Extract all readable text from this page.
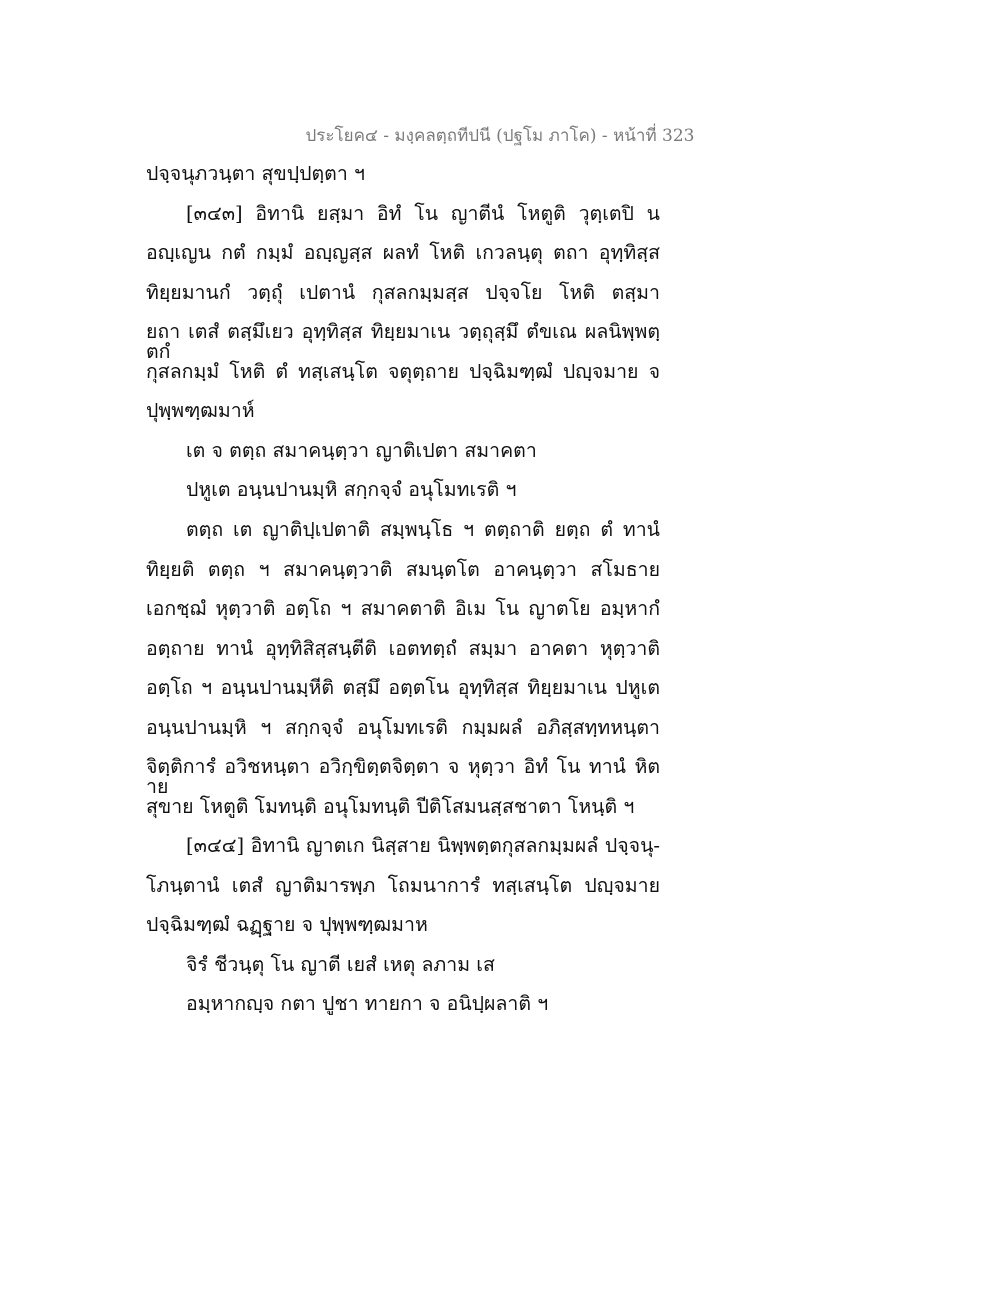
ประโยค๔ - มงฺคลตฺถทีปนี (ปฐโม ภาโค) - หน้าที่ 323
ปจฺจนุภวนฺตา สุขปฺปตฺตา ฯ
[๓๔๓] อิทานิ ยสฺมา อิทํ โน ญาตีนํ โหตูติ วุตฺเตปิ น
อญฺเญน กตํ กมฺมํ อญฺญสฺส ผลทํ โหติ เกวลนฺตุ ตถา อุทฺทิสฺส
ทิยฺยมานกํ วตฺถุํ เปตานํ กุสลกมฺมสฺส ปจฺจโย โหติ ตสฺมา
ยถา เตสํ ตสฺมึเยว อุทฺทิสฺส ทิยฺยมาเน วตฺถุสฺมึ ตํขเณ ผลนิพฺพตฺตกํ
กุสลกมฺมํ โหติ ตํ ทสฺเสนฺโต จตุตฺถาย ปจฺฉิมฑฺฒํ ปญฺจมาย จ
ปุพฺพฑฺฒมาห์
เต จ ตตฺถ สมาคนฺตฺวา ญาติเปตา สมาคตา
ปหูเต อนฺนปานมฺหิ สกฺกจฺจํ อนุโมทเรติ ฯ
ตตฺถ เต ญาติปฺเปตาติ สมฺพนฺโธ ฯ ตตฺถาติ ยตฺถ ตํ ทานํ
ทิยฺยติ ตตฺถ ฯ สมาคนฺตฺวาติ สมนฺตโต อาคนฺตฺวา สโมธาย
เอกชฺฌํ หุตฺวาติ อตฺโถ ฯ สมาคตาติ อิเม โน ญาตโย อมฺหากํ
อตฺถาย ทานํ อุทฺทิสิสฺสนฺตีติ เอตทตฺถํ สมฺมา อาคตา หุตฺวาติ
อตฺโถ ฯ อนฺนปานมฺหีติ ตสฺมึ อตฺตโน อุทฺทิสฺส ทิยฺยมาเน ปหูเต
อนฺนปานมฺหิ ฯ สกฺกจฺจํ อนุโมทเรติ กมฺมผลํ อภิสฺสทฺทหนฺตา
จิตฺติการํ อวิชหนฺตา อวิกฺขิตฺตจิตฺตา จ หุตฺวา อิทํ โน ทานํ หิตาย
สุขาย โหตูติ โมทนฺติ อนุโมทนฺติ ปีติโสมนสฺสชาตา โหนฺติ ฯ
[๓๔๔] อิทานิ ญาตเก นิสฺสาย นิพฺพตฺตกุสลกมฺมผลํ ปจฺจนุ-
โภนฺตานํ เตสํ ญาติมารพฺภ โถมนาการํ ทสฺเสนฺโต ปญฺจมาย
ปจฺฉิมฑฺฒํ ฉฏฺฐาย จ ปุพฺพฑฺฒมาห
จิรํ ชีวนฺตุ โน ญาตี เยสํ เหตุ ลภาม เส
อมฺหากญฺจ กตา ปูชา ทายกา จ อนิปฺผลาติ ฯ
